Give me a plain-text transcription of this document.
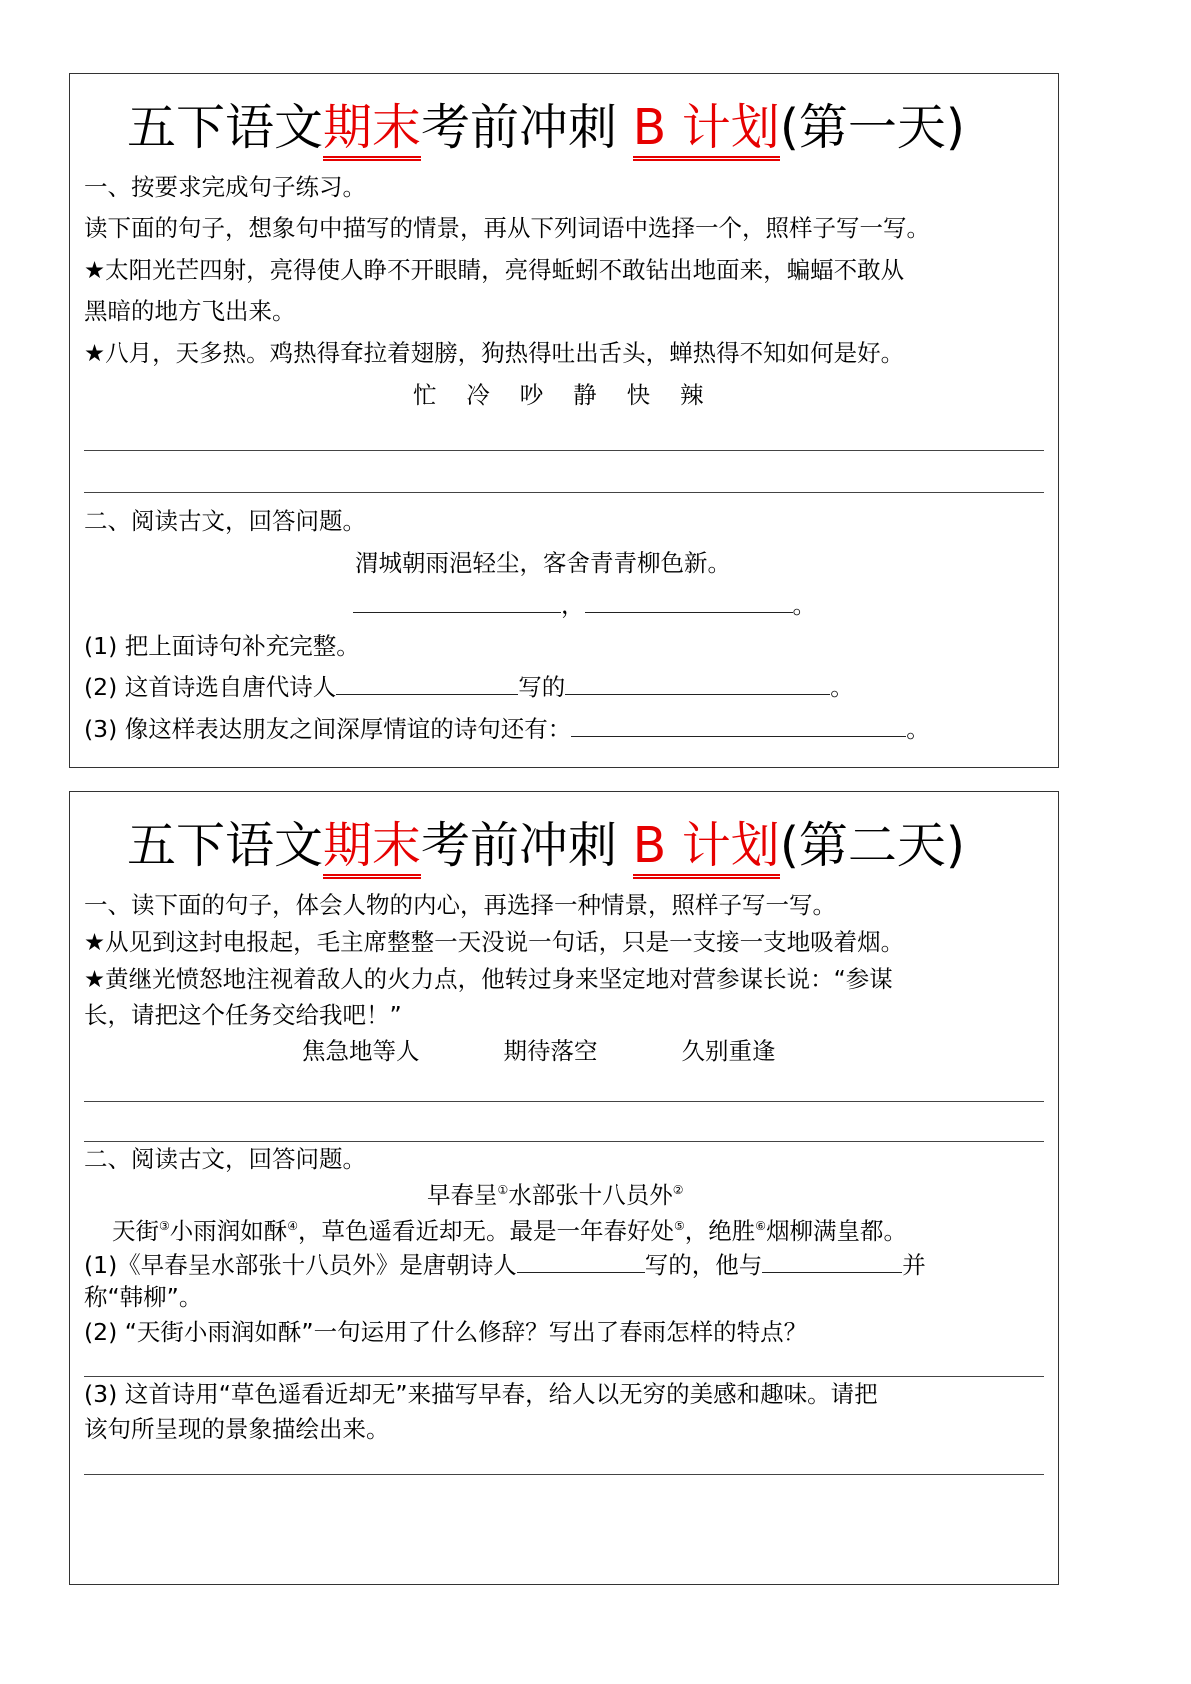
五下语文期末考前冲刺 B 计划(第一天)
一、按要求完成句子练习。
读下面的句子，想象句中描写的情景，再从下列词语中选择一个，照样子写一写。
★太阳光芒四射，亮得使人睁不开眼睛，亮得蚯蚓不敢钻出地面来，蝙蝠不敢从
黑暗的地方飞出来。
★八月，天多热。鸡热得耷拉着翅膀，狗热得吐出舌头，蝉热得不知如何是好。
忙 冷 吵 静 快 辣
二、阅读古文，回答问题。
渭城朝雨浥轻尘，客舍青青柳色新。
，	。
(1) 把上面诗句补充完整。
(2) 这首诗选自唐代诗人	写的	。
(3) 像这样表达朋友之间深厚情谊的诗句还有：	。
五下语文期末考前冲刺 B 计划(第二天)
一、读下面的句子，体会人物的内心，再选择一种情景，照样子写一写。
★从见到这封电报起，毛主席整整一天没说一句话，只是一支接一支地吸着烟。
★黄继光愤怒地注视着敌人的火力点，他转过身来坚定地对营参谋长说：“参谋
长，请把这个任务交给我吧！”
焦急地等人	期待落空	久别重逢
二、阅读古文，回答问题。
早春呈①水部张十八员外②
天街③小雨润如酥④，草色遥看近却无。最是一年春好处⑤，绝胜⑥烟柳满皇都。
(1)《早春呈水部张十八员外》是唐朝诗人	写的，他与	并
称“韩柳”。
(2) “天街小雨润如酥”一句运用了什么修辞？写出了春雨怎样的特点？
(3) 这首诗用“草色遥看近却无”来描写早春，给人以无穷的美感和趣味。请把
该句所呈现的景象描绘出来。
